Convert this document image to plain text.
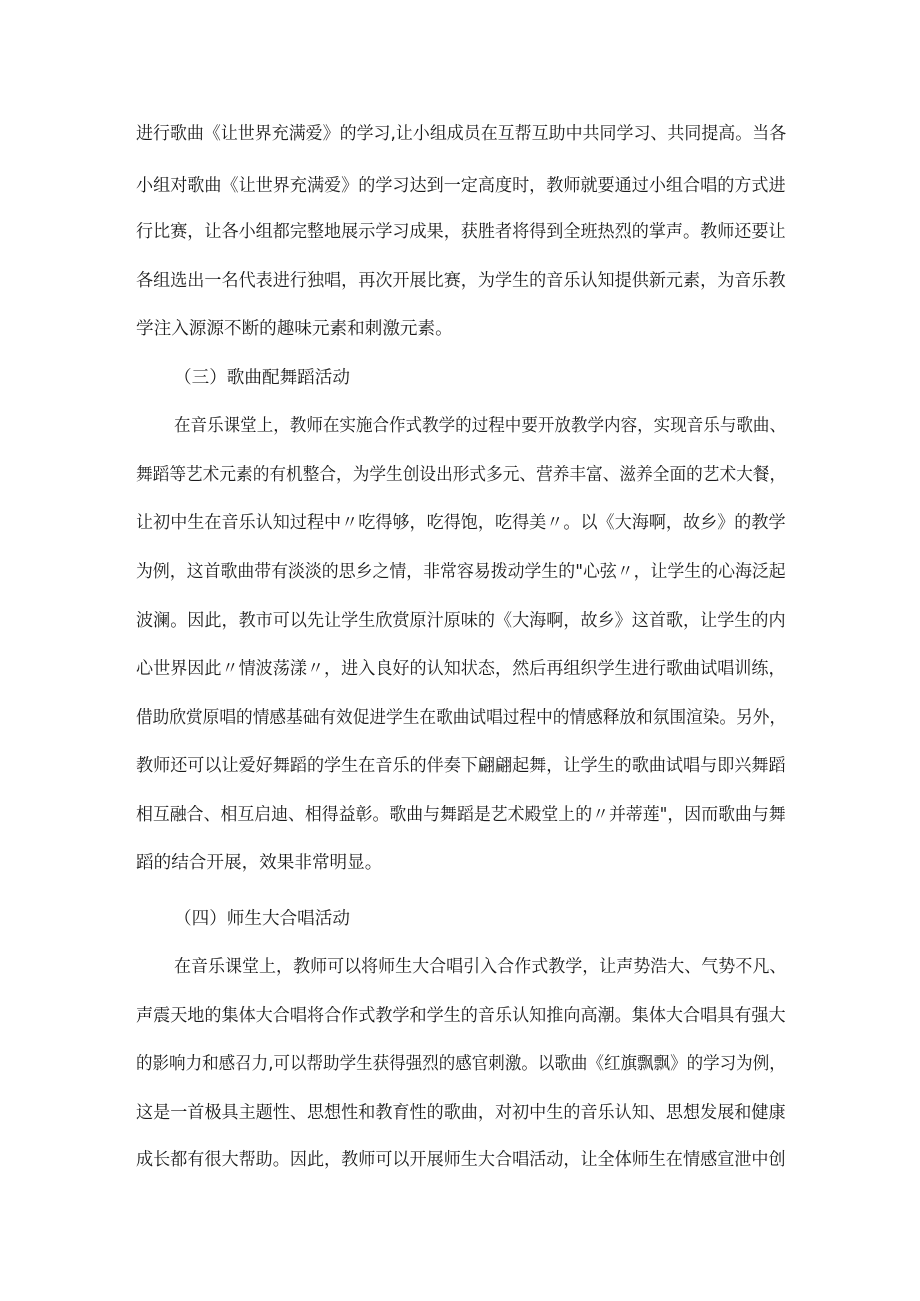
进行歌曲《让世界充满爱》的学习,让小组成员在互帮互助中共同学习、共同提高。当各
小组对歌曲《让世界充满爱》的学习达到一定高度时，教师就要通过小组合唱的方式进
行比赛，让各小组都完整地展示学习成果，获胜者将得到全班热烈的掌声。教师还要让
各组选出一名代表进行独唱，再次开展比赛，为学生的音乐认知提供新元素，为音乐教
学注入源源不断的趣味元素和刺激元素。
（三）歌曲配舞蹈活动
在音乐课堂上，教师在实施合作式教学的过程中要开放教学内容，实现音乐与歌曲、
舞蹈等艺术元素的有机整合，为学生创设出形式多元、营养丰富、滋养全面的艺术大餐，
让初中生在音乐认知过程中〃吃得够，吃得饱，吃得美〃。以《大海啊，故乡》的教学
为例，这首歌曲带有淡淡的思乡之情，非常容易拨动学生的"心弦〃，让学生的心海泛起
波澜。因此，教市可以先让学生欣赏原汁原味的《大海啊，故乡》这首歌，让学生的内
心世界因此〃情波荡漾〃，进入良好的认知状态，然后再组织学生进行歌曲试唱训练，
借助欣赏原唱的情感基础有效促进学生在歌曲试唱过程中的情感释放和氛围渲染。另外，
教师还可以让爱好舞蹈的学生在音乐的伴奏下翩翩起舞，让学生的歌曲试唱与即兴舞蹈
相互融合、相互启迪、相得益彰。歌曲与舞蹈是艺术殿堂上的〃并蒂莲"，因而歌曲与舞
蹈的结合开展，效果非常明显。
（四）师生大合唱活动
在音乐课堂上，教师可以将师生大合唱引入合作式教学，让声势浩大、气势不凡、
声震天地的集体大合唱将合作式教学和学生的音乐认知推向高潮。集体大合唱具有强大
的影响力和感召力,可以帮助学生获得强烈的感官刺激。以歌曲《红旗飘飘》的学习为例，
这是一首极具主题性、思想性和教育性的歌曲，对初中生的音乐认知、思想发展和健康
成长都有很大帮助。因此，教师可以开展师生大合唱活动，让全体师生在情感宣泄中创
